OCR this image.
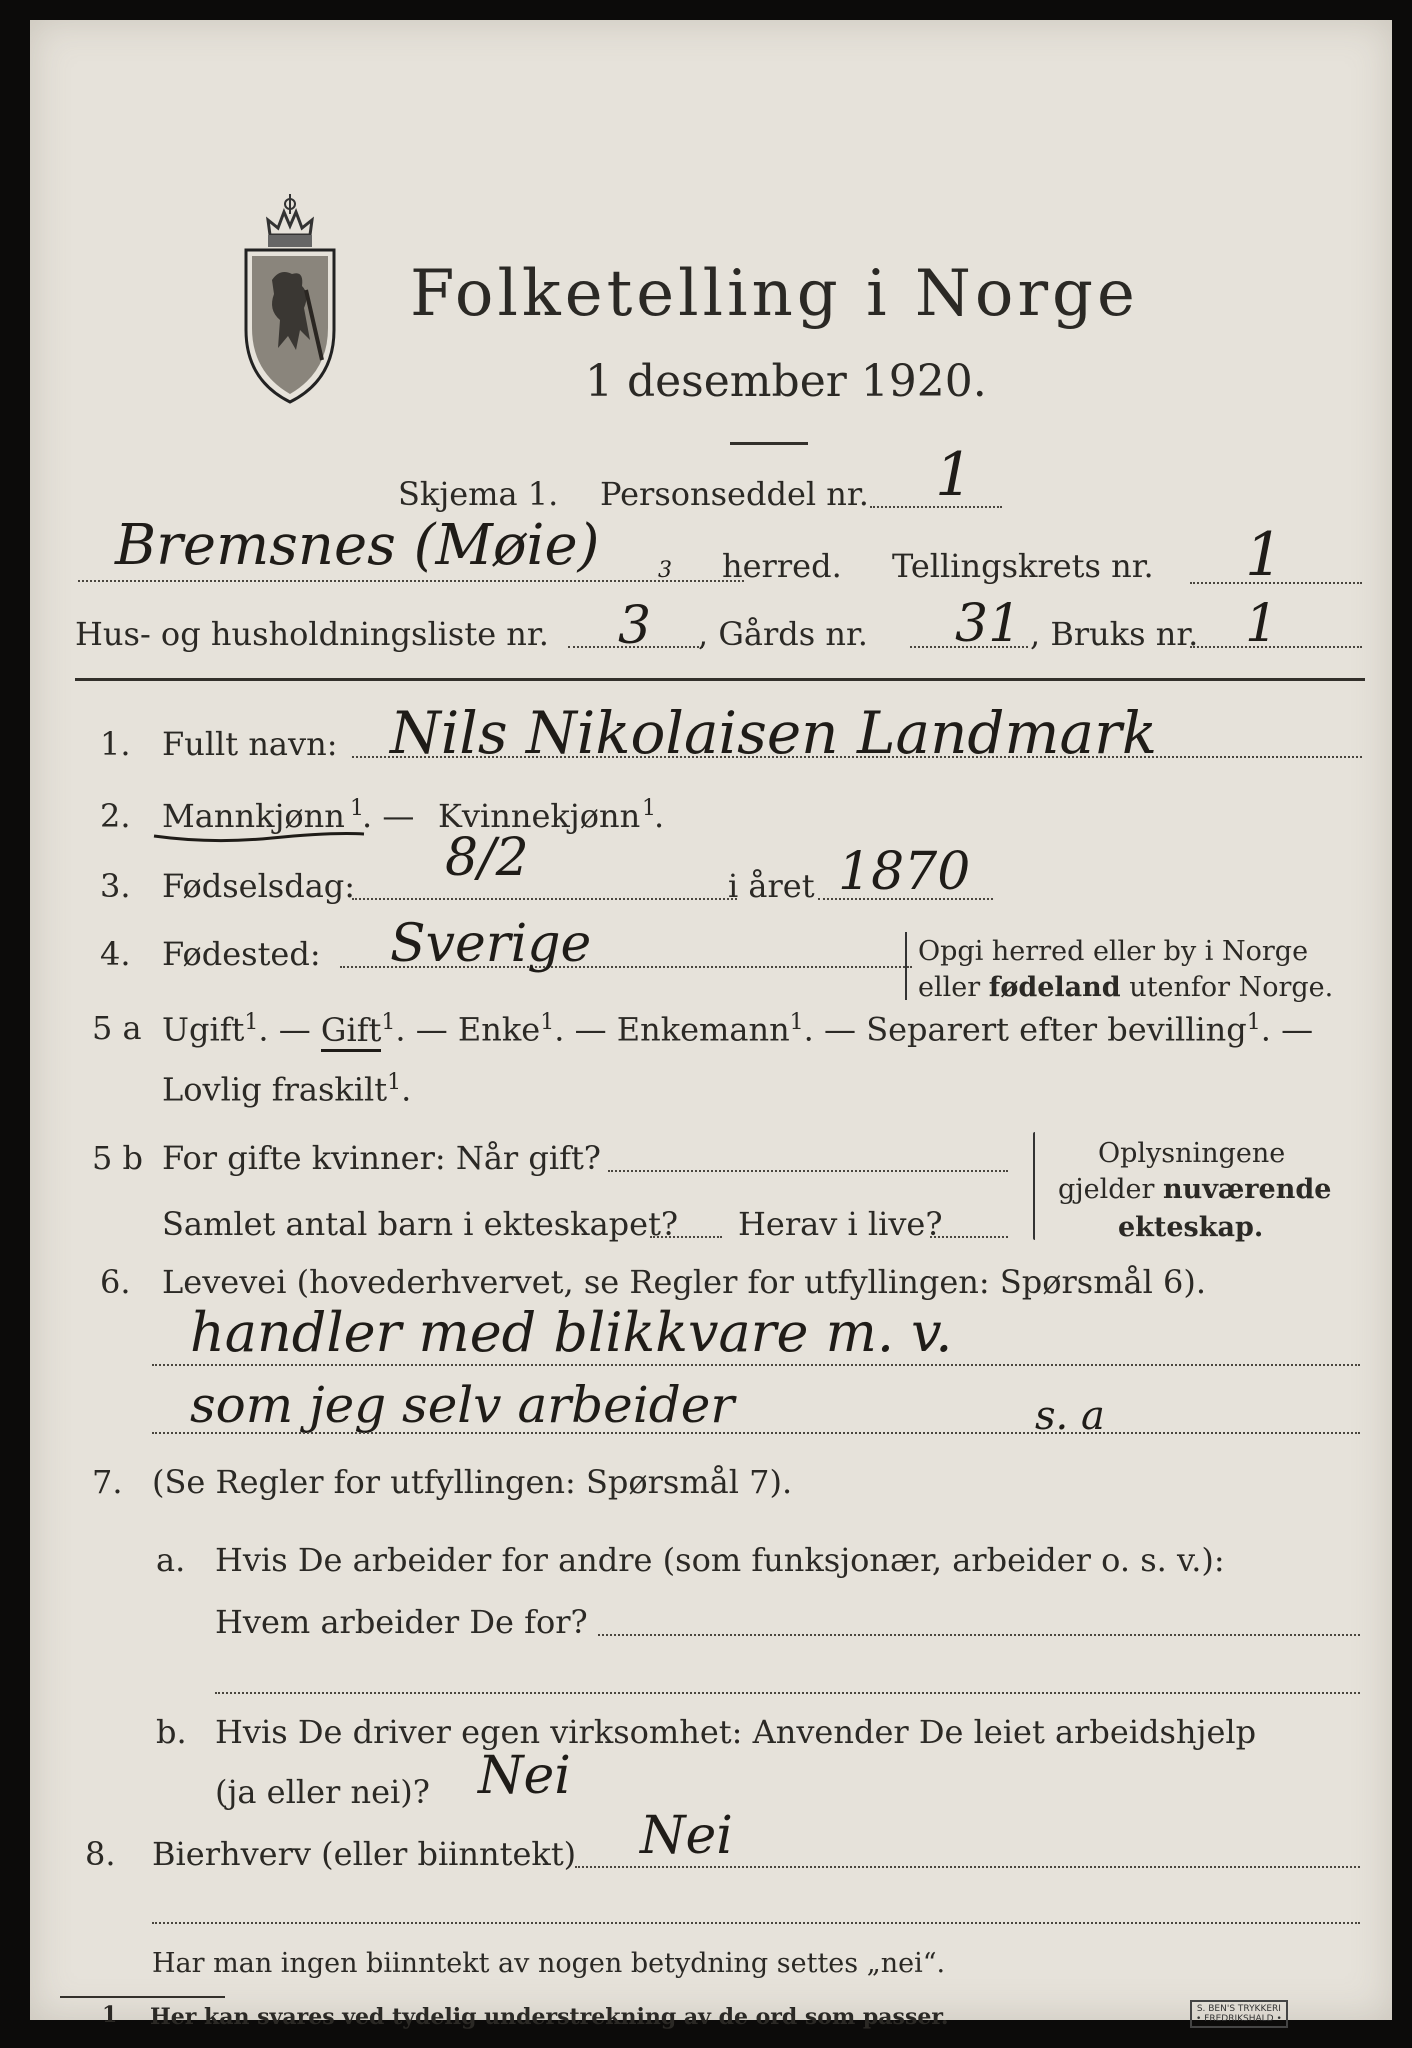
Folketelling i Norge
1 desember 1920.
Skjema 1. Personseddel nr. 1
Bremsnes (Møie)	3 herred. Tellingskrets nr. 1
Hus- og husholdningsliste nr. 3 , Gårds nr. 31 , Bruks nr. 1
1. Fullt navn: Nils Nikolaisen Landmark
2. Mannkjønn 1
. — Kvinnekjønn 1
.
3. Fødselsdag: 8/2	i året 1870
4. Fødested: Sverige	Opgi herred eller by i Norge
eller fødeland utenfor Norge.
5 a Ugift$^1$. — Gift$^1$. — Enke$^1$. — Enkemann$^1$. — Separert efter bevilling$^1$. —
Lovlig fraskilt$^1$.
5 b For gifte kvinner: Når gift?
Samlet antal barn i ekteskapet? Herav i live?
Oplysningene
gjelder nuværende
ekteskap.
6. Levevei (hovederhvervet, se Regler for utfyllingen: Spørsmål 6).
handler med blikkvare m. v.
som jeg selv arbeider	s. a
7. (Se Regler for utfyllingen: Spørsmål 7).
a. Hvis De arbeider for andre (som funksjonær, arbeider o. s. v.):
Hvem arbeider De for?
b. Hvis De driver egen virksomhet: Anvender De leiet arbeidshjelp
(ja eller nei)? Nei
8. Bierhverv (eller biinntekt) Nei
Har man ingen biinntekt av nogen betydning settes „nei“.
1 Her kan svares ved tydelig understrekning av de ord som passer.	S. BEN'S TRYKKERI
• FREDRIKSHALD •
